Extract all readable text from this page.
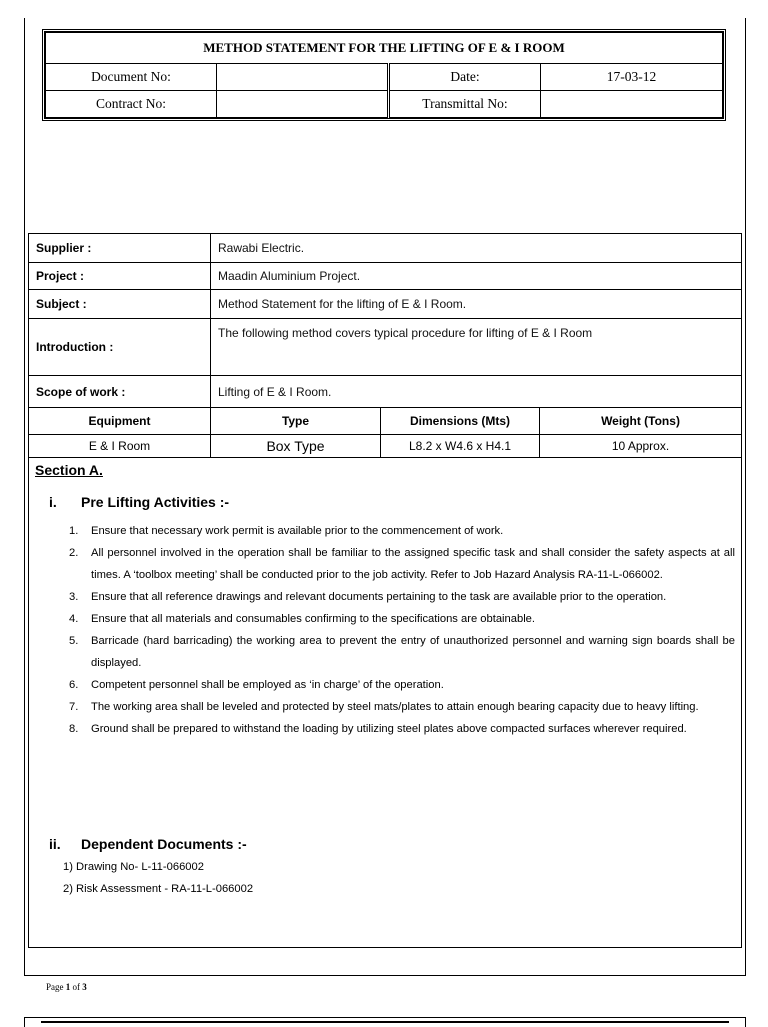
METHOD STATEMENT FOR THE LIFTING OF E & I ROOM			
Document No:		Date:	17-03-12
Contract No:		Transmittal No:	
Supplier :	Rawabi Electric.
Project :	Maadin Aluminium Project.
Subject :	Method Statement for the lifting of E & I Room.
Introduction :	The following method covers typical procedure for lifting of E & I Room
Scope of work :	Lifting of E & I Room.
Equipment	Type	Dimensions (Mts)	Weight (Tons)
E & I Room	Box Type	L8.2 x W4.6 x H4.1	10 Approx.
Section A.
i. Pre Lifting Activities :-
1. Ensure that necessary work permit is available prior to the commencement of work.
2. All personnel involved in the operation shall be familiar to the assigned specific task and shall consider the safety aspects at all times. A ‘toolbox meeting’ shall be conducted prior to the job activity. Refer to Job Hazard Analysis RA-11-L-066002.
3. Ensure that all reference drawings and relevant documents pertaining to the task are available prior to the operation.
4. Ensure that all materials and consumables confirming to the specifications are obtainable.
5. Barricade (hard barricading) the working area to prevent the entry of unauthorized personnel and warning sign boards shall be displayed.
6. Competent personnel shall be employed as ‘in charge’ of the operation.
7. The working area shall be leveled and protected by steel mats/plates to attain enough bearing capacity due to heavy lifting.
8. Ground shall be prepared to withstand the loading by utilizing steel plates above compacted surfaces wherever required.
ii. Dependent Documents :-
1) Drawing No- L-11-066002
2) Risk Assessment - RA-11-L-066002
Page 1 of 3
